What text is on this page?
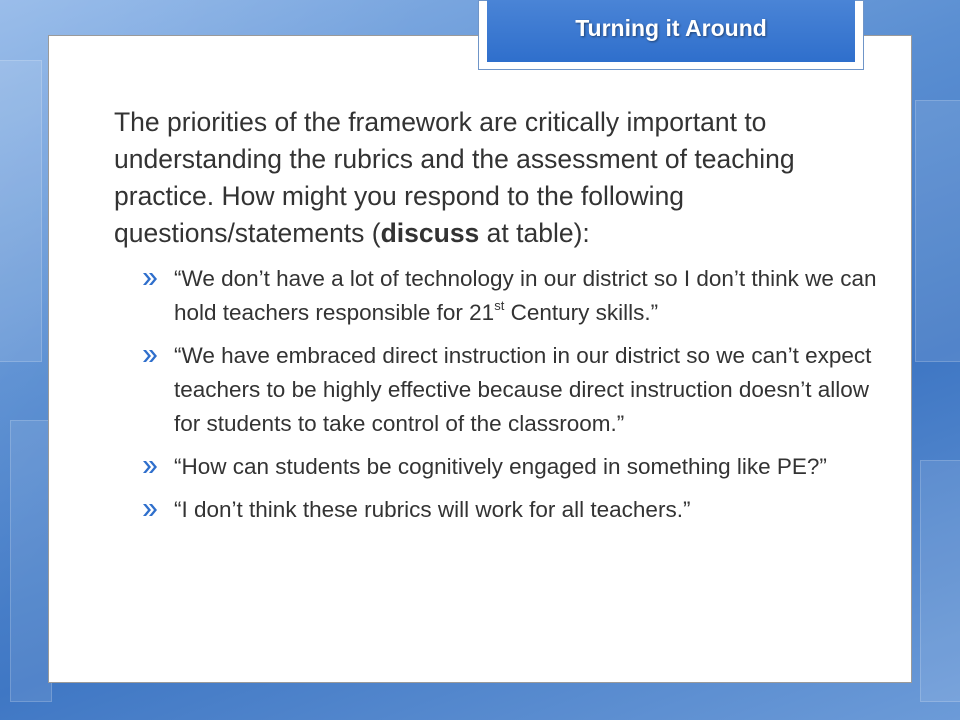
Turning it Around

The priorities of the framework are critically important to understanding the rubrics and the assessment of teaching practice. How might you respond to the following questions/statements (discuss at table):

“We don’t have a lot of technology in our district so I don’t think we can hold teachers responsible for 21st Century skills.”
“We have embraced direct instruction in our district so we can’t expect teachers to be highly effective because direct instruction doesn’t allow for students to take control of the classroom.”
“How can students be cognitively engaged in something like PE?”
“I don’t think these rubrics will work for all teachers.”
